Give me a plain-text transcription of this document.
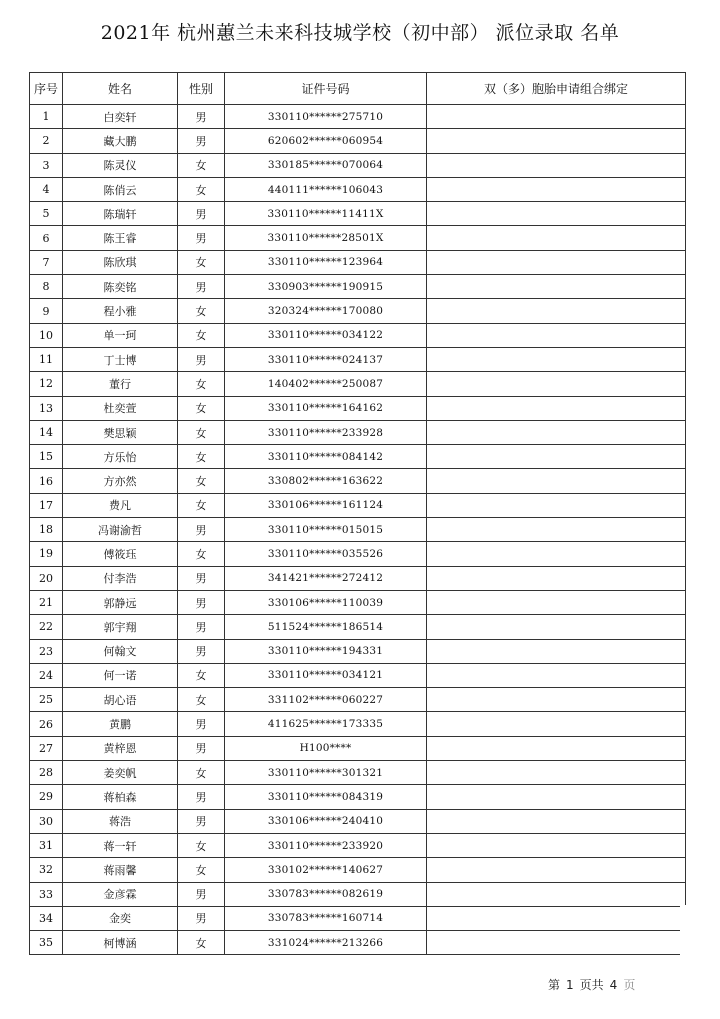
2021年 杭州蕙兰未来科技城学校（初中部） 派位录取 名单
序号	姓名	性别	证件号码	双（多）胞胎申请组合绑定
1	白奕轩	男	330110******275710	
2	藏大鹏	男	620602******060954	
3	陈灵仪	女	330185******070064	
4	陈俏云	女	440111******106043	
5	陈瑞轩	男	330110******11411X	
6	陈王睿	男	330110******28501X	
7	陈欣琪	女	330110******123964	
8	陈奕铭	男	330903******190915	
9	程小雅	女	320324******170080	
10	单一珂	女	330110******034122	
11	丁士博	男	330110******024137	
12	董行	女	140402******250087	
13	杜奕萱	女	330110******164162	
14	樊思颖	女	330110******233928	
15	方乐怡	女	330110******084142	
16	方亦然	女	330802******163622	
17	费凡	女	330106******161124	
18	冯谢渝哲	男	330110******015015	
19	傅筱珏	女	330110******035526	
20	付李浩	男	341421******272412	
21	郭静远	男	330106******110039	
22	郭宇翔	男	511524******186514	
23	何翰文	男	330110******194331	
24	何一诺	女	330110******034121	
25	胡心语	女	331102******060227	
26	黄鹏	男	411625******173335	
27	黄梓恩	男	H100****	
28	姜奕帆	女	330110******301321	
29	蒋柏森	男	330110******084319	
30	蒋浩	男	330106******240410	
31	蒋一轩	女	330110******233920	
32	蒋雨馨	女	330102******140627	
33	金彦霖	男	330783******082619	
34	金奕	男	330783******160714	
35	柯博涵	女	331024******213266	
第 1 页共 4 页
